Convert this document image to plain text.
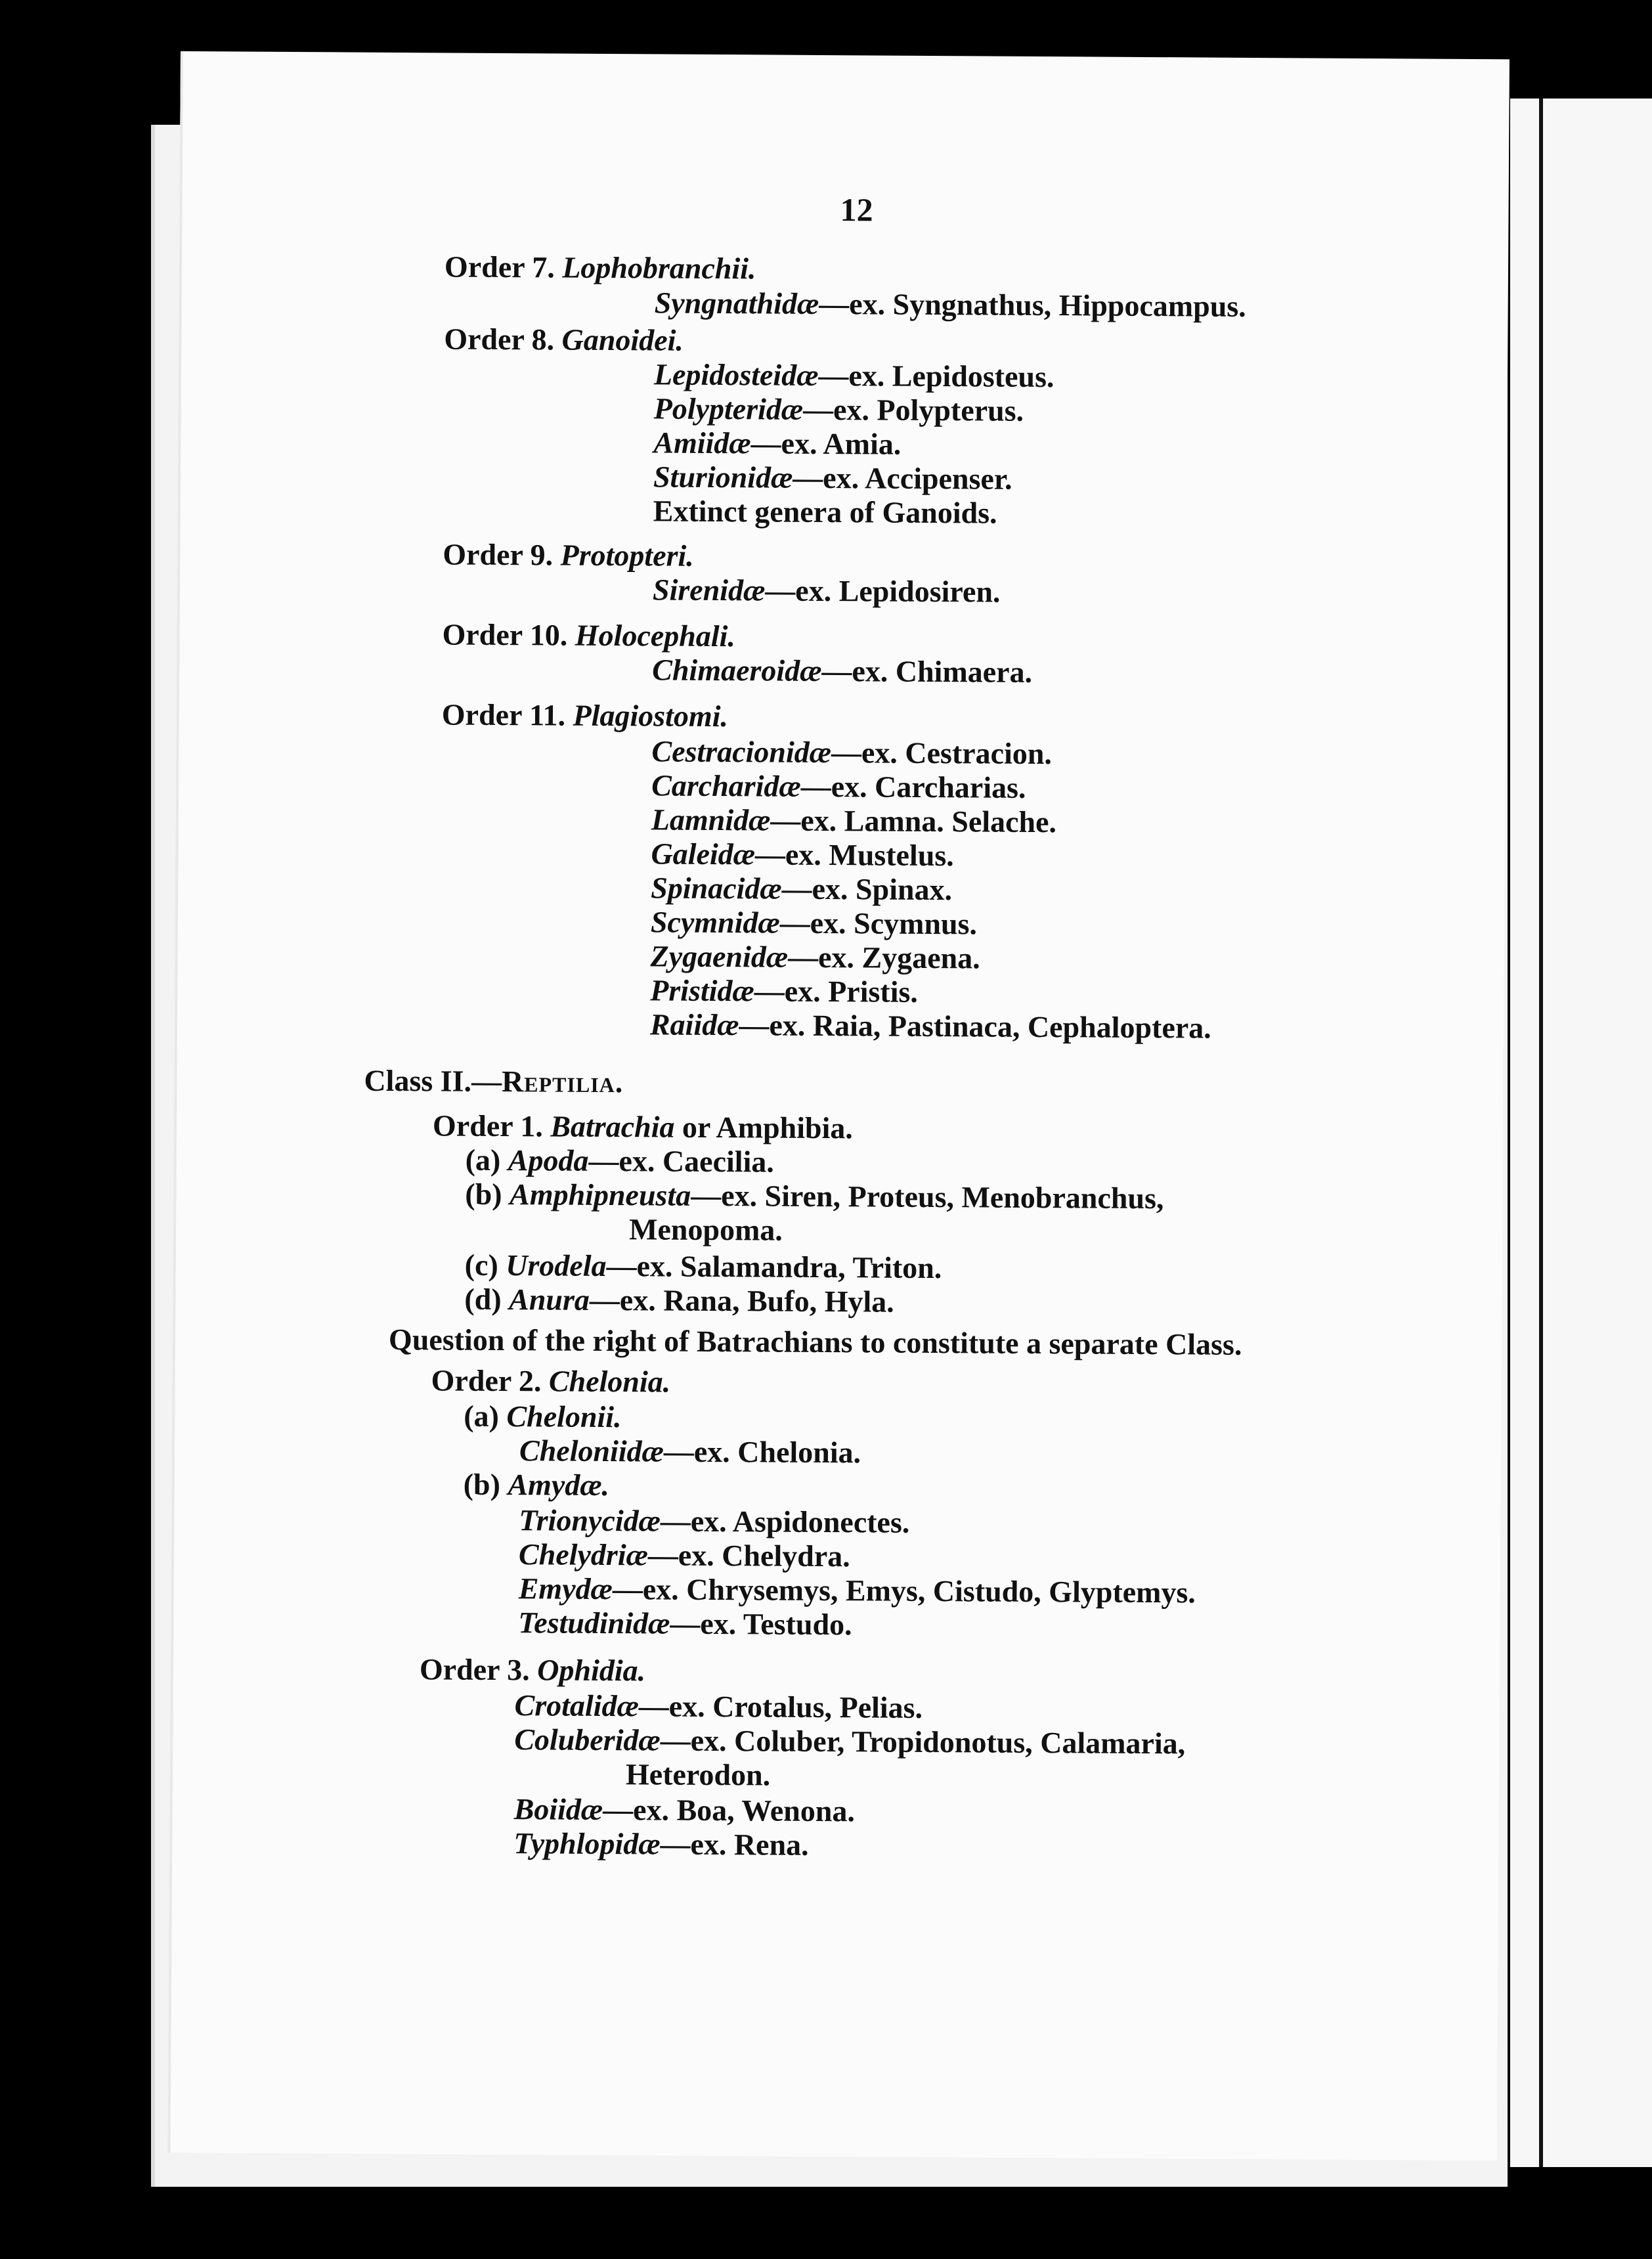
12
Order 7. Lophobranchii.
Syngnathidæ—ex. Syngnathus, Hippocampus.
Order 8. Ganoidei.
Lepidosteidæ—ex. Lepidosteus.
Polypteridæ—ex. Polypterus.
Amiidæ—ex. Amia.
Sturionidæ—ex. Accipenser.
Extinct genera of Ganoids.
Order 9. Protopteri.
Sirenidæ—ex. Lepidosiren.
Order 10. Holocephali.
Chimaeroidæ—ex. Chimaera.
Order 11. Plagiostomi.
Cestracionidæ—ex. Cestracion.
Carcharidæ—ex. Carcharias.
Lamnidæ—ex. Lamna. Selache.
Galeidæ—ex. Mustelus.
Spinacidæ—ex. Spinax.
Scymnidæ—ex. Scymnus.
Zygaenidæ—ex. Zygaena.
Pristidæ—ex. Pristis.
Raiidæ—ex. Raia, Pastinaca, Cephaloptera.
Class II.—Reptilia.
Order 1. Batrachia or Amphibia.
(a) Apoda—ex. Caecilia.
(b) Amphipneusta—ex. Siren, Proteus, Menobranchus,
Menopoma.
(c) Urodela—ex. Salamandra, Triton.
(d) Anura—ex. Rana, Bufo, Hyla.
Question of the right of Batrachians to constitute a separate Class.
Order 2. Chelonia.
(a) Chelonii.
Cheloniidæ—ex. Chelonia.
(b) Amydæ.
Trionycidæ—ex. Aspidonectes.
Chelydriæ—ex. Chelydra.
Emydæ—ex. Chrysemys, Emys, Cistudo, Glyptemys.
Testudinidæ—ex. Testudo.
Order 3. Ophidia.
Crotalidæ—ex. Crotalus, Pelias.
Coluberidæ—ex. Coluber, Tropidonotus, Calamaria,
Heterodon.
Boiidæ—ex. Boa, Wenona.
Typhlopidæ—ex. Rena.
